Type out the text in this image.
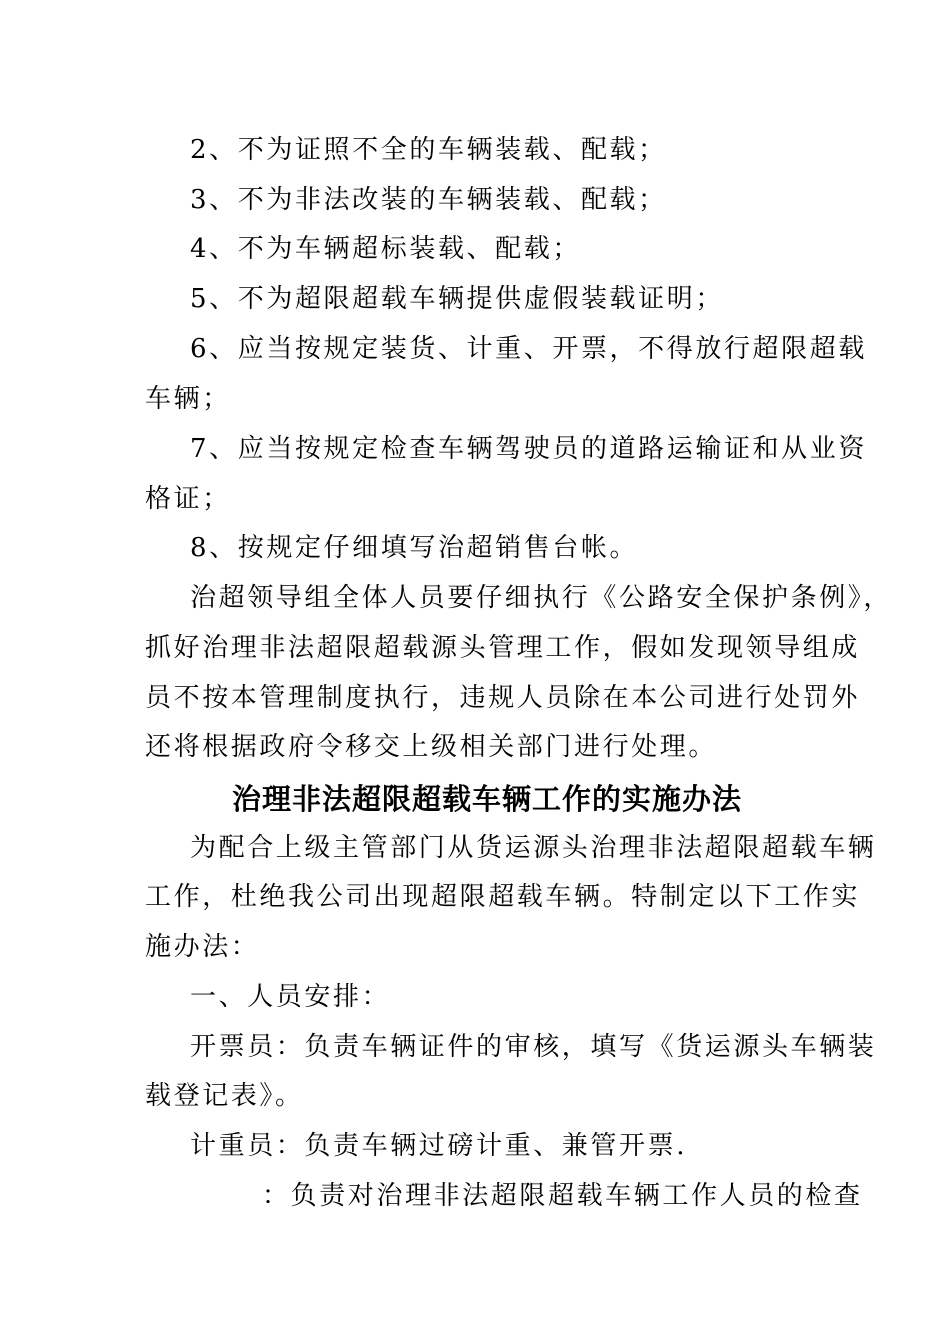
2、不为证照不全的车辆装载、配载；
3、不为非法改装的车辆装载、配载；
4、不为车辆超标装载、配载；
5、不为超限超载车辆提供虚假装载证明；
6、应当按规定装货、计重、开票，不得放行超限超载
车辆；
7、应当按规定检查车辆驾驶员的道路运输证和从业资
格证；
8、按规定仔细填写治超销售台帐。
治超领导组全体人员要仔细执行《公路安全保护条例》，
抓好治理非法超限超载源头管理工作，假如发现领导组成
员不按本管理制度执行，违规人员除在本公司进行处罚外
还将根据政府令移交上级相关部门进行处理。
治理非法超限超载车辆工作的实施办法
为配合上级主管部门从货运源头治理非法超限超载车辆
工作，杜绝我公司出现超限超载车辆。特制定以下工作实
施办法：
一、人员安排：
开票员：负责车辆证件的审核，填写《货运源头车辆装
载登记表》。
计重员：负责车辆过磅计重、兼管开票.
：负责对治理非法超限超载车辆工作人员的检查
